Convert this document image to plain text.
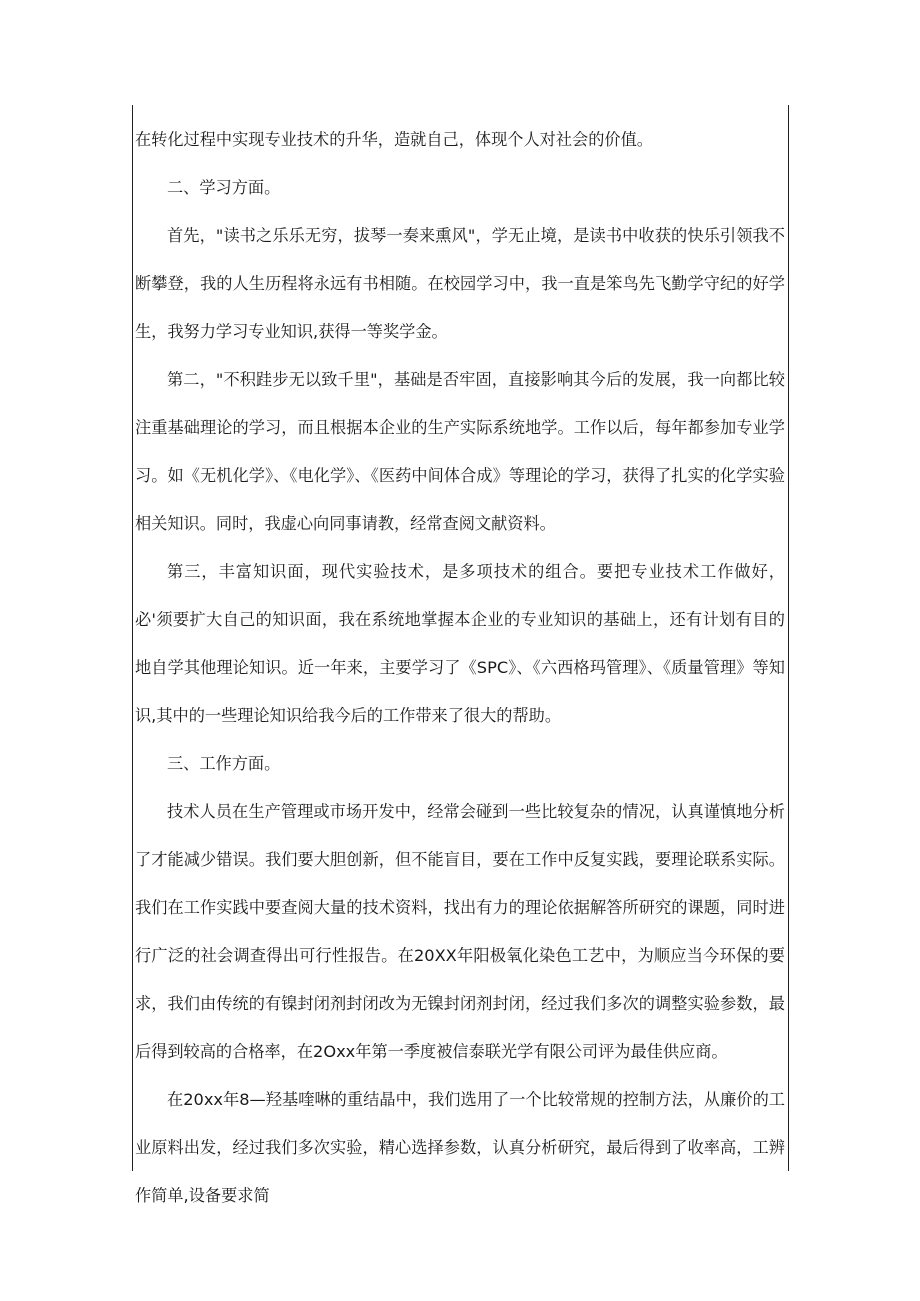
在转化过程中实现专业技术的升华，造就自己，体现个人对社会的价值。

二、学习方面。

首先，"读书之乐乐无穷，拔琴一奏来熏风"，学无止境，是读书中收获的快乐引领我不断攀登，我的人生历程将永远有书相随。在校园学习中，我一直是笨鸟先飞勤学守纪的好学生，我努力学习专业知识,获得一等奖学金。

第二，"不积跬步无以致千里"，基础是否牢固，直接影响其今后的发展，我一向都比较注重基础理论的学习，而且根据本企业的生产实际系统地学。工作以后，每年都参加专业学习。如《无机化学》、《电化学》、《医药中间体合成》等理论的学习，获得了扎实的化学实验相关知识。同时，我虚心向同事请教，经常查阅文献资料。

第三，丰富知识面，现代实验技术，是多项技术的组合。要把专业技术工作做好，必'须要扩大自己的知识面，我在系统地掌握本企业的专业知识的基础上，还有计划有目的地自学其他理论知识。近一年来，主要学习了《SPC》、《六西格玛管理》、《质量管理》等知识,其中的一些理论知识给我今后的工作带来了很大的帮助。

三、工作方面。

技术人员在生产管理或市场开发中，经常会碰到一些比较复杂的情况，认真谨慎地分析了才能减少错误。我们要大胆创新，但不能盲目，要在工作中反复实践，要理论联系实际。我们在工作实践中要查阅大量的技术资料，找出有力的理论依据解答所研究的课题，同时进行广泛的社会调查得出可行性报告。在20XX年阳极氧化染色工艺中，为顺应当今环保的要求，我们由传统的有镍封闭剂封闭改为无镍封闭剂封闭，经过我们多次的调整实验参数，最后得到较高的合格率，在2Oxx年第一季度被信泰联光学有限公司评为最佳供应商。

在20xx年8—羟基喹啉的重结晶中，我们选用了一个比较常规的控制方法，从廉价的工业原料出发，经过我们多次实验，精心选择参数，认真分析研究，最后得到了收率高，工辨作简单,设备要求简
